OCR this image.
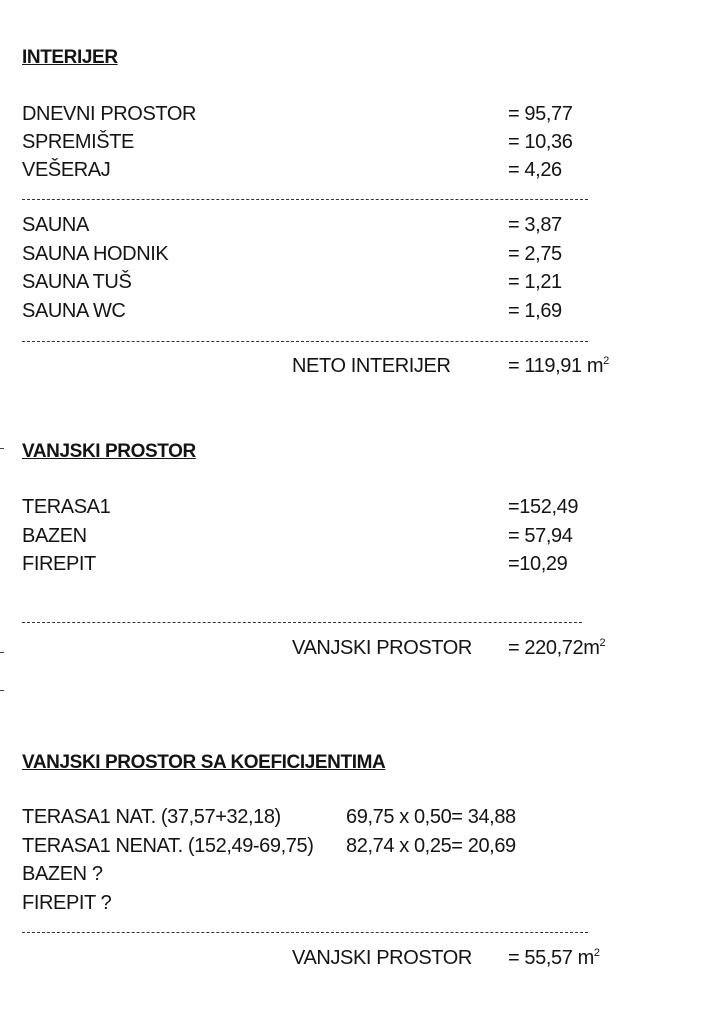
INTERIJER
DNEVNI PROSTOR	= 95,77
SPREMIŠTE	= 10,36
VEŠERAJ	= 4,26
SAUNA	= 3,87
SAUNA HODNIK	= 2,75
SAUNA TUŠ	= 1,21
SAUNA WC	= 1,69
NETO INTERIJER	= 119,91 $m^2$
VANJSKI PROSTOR
TERASA1	=152,49
BAZEN	= 57,94
FIREPIT	=10,29
VANJSKI PROSTOR = $220,72m^2$
VANJSKI PROSTOR SA KOEFICIJENTIMA
TERASA1 NAT. (37,57+32,18)	69,75 x 0,50= 34,88
TERASA1 NENAT. (152,49-69,75) 82,74 x 0,25= 20,69
BAZEN ?
FIREPIT ?
VANJSKI PROSTOR = 55,57 $m^2$
